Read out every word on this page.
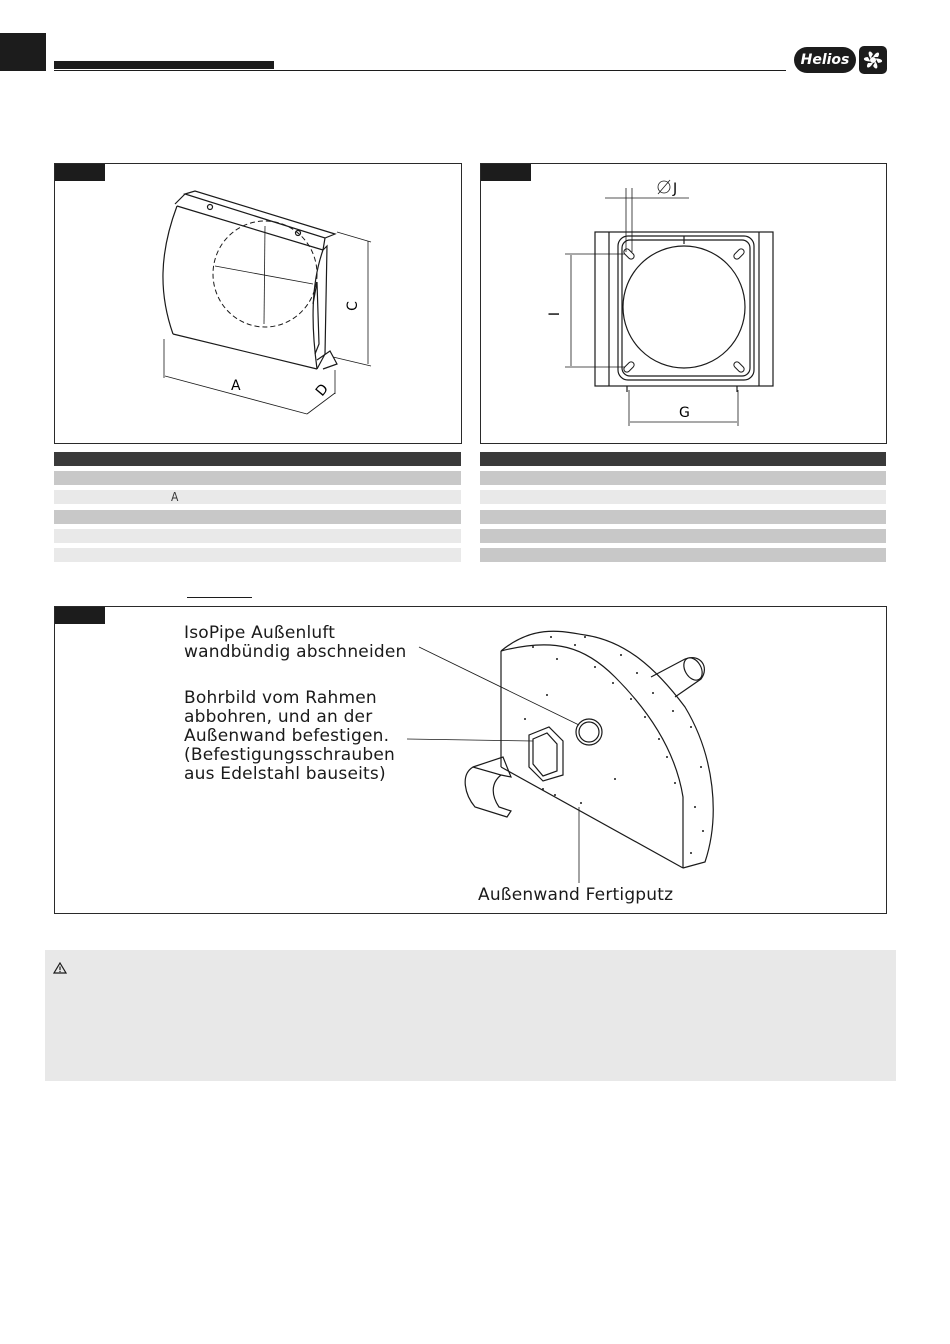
Helios
C
A	D
J
I
G
A
IsoPipe Außenluft
wandbündig abschneiden
Bohrbild vom Rahmen
abbohren, und an der
Außenwand befestigen.
(Befestigungsschrauben
aus Edelstahl bauseits)
Außenwand Fertigputz
